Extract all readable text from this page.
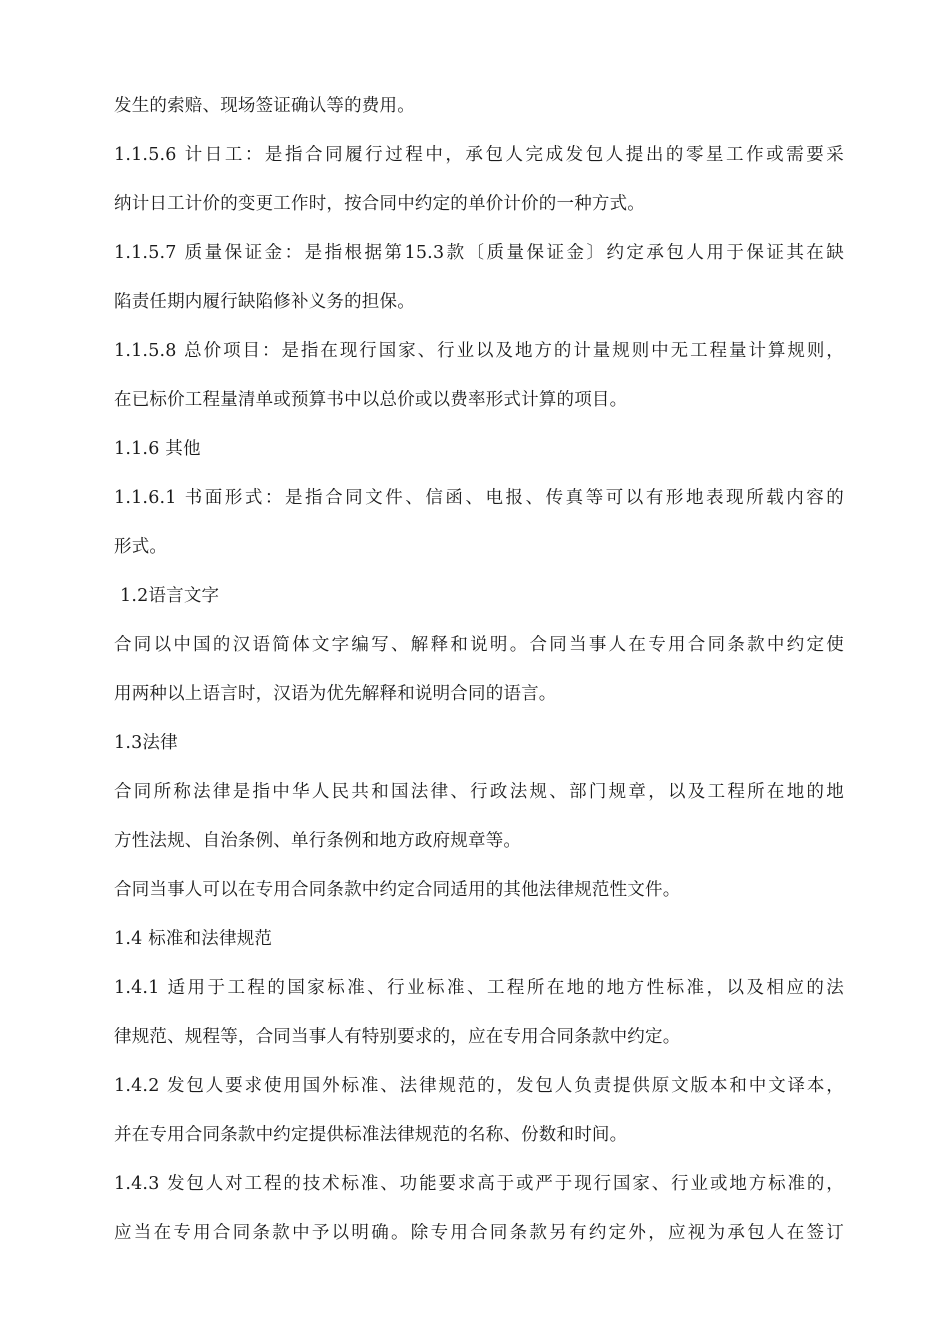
发生的索赔、现场签证确认等的费用。
1.1.5.6 计日工：是指合同履行过程中，承包人完成发包人提出的零星工作或需要采
纳计日工计价的变更工作时，按合同中约定的单价计价的一种方式。
1.1.5.7 质量保证金：是指根据第15.3款〔质量保证金〕约定承包人用于保证其在缺
陷责任期内履行缺陷修补义务的担保。
1.1.5.8 总价项目：是指在现行国家、行业以及地方的计量规则中无工程量计算规则，
在已标价工程量清单或预算书中以总价或以费率形式计算的项目。
1.1.6 其他
1.1.6.1 书面形式：是指合同文件、信函、电报、传真等可以有形地表现所载内容的
形式。
1.2语言文字
合同以中国的汉语简体文字编写、解释和说明。合同当事人在专用合同条款中约定使
用两种以上语言时，汉语为优先解释和说明合同的语言。
1.3法律
合同所称法律是指中华人民共和国法律、行政法规、部门规章，以及工程所在地的地
方性法规、自治条例、单行条例和地方政府规章等。
合同当事人可以在专用合同条款中约定合同适用的其他法律规范性文件。
1.4 标准和法律规范
1.4.1 适用于工程的国家标准、行业标准、工程所在地的地方性标准，以及相应的法
律规范、规程等，合同当事人有特别要求的，应在专用合同条款中约定。
1.4.2 发包人要求使用国外标准、法律规范的，发包人负责提供原文版本和中文译本，
并在专用合同条款中约定提供标准法律规范的名称、份数和时间。
1.4.3 发包人对工程的技术标准、功能要求高于或严于现行国家、行业或地方标准的，
应当在专用合同条款中予以明确。除专用合同条款另有约定外，应视为承包人在签订
